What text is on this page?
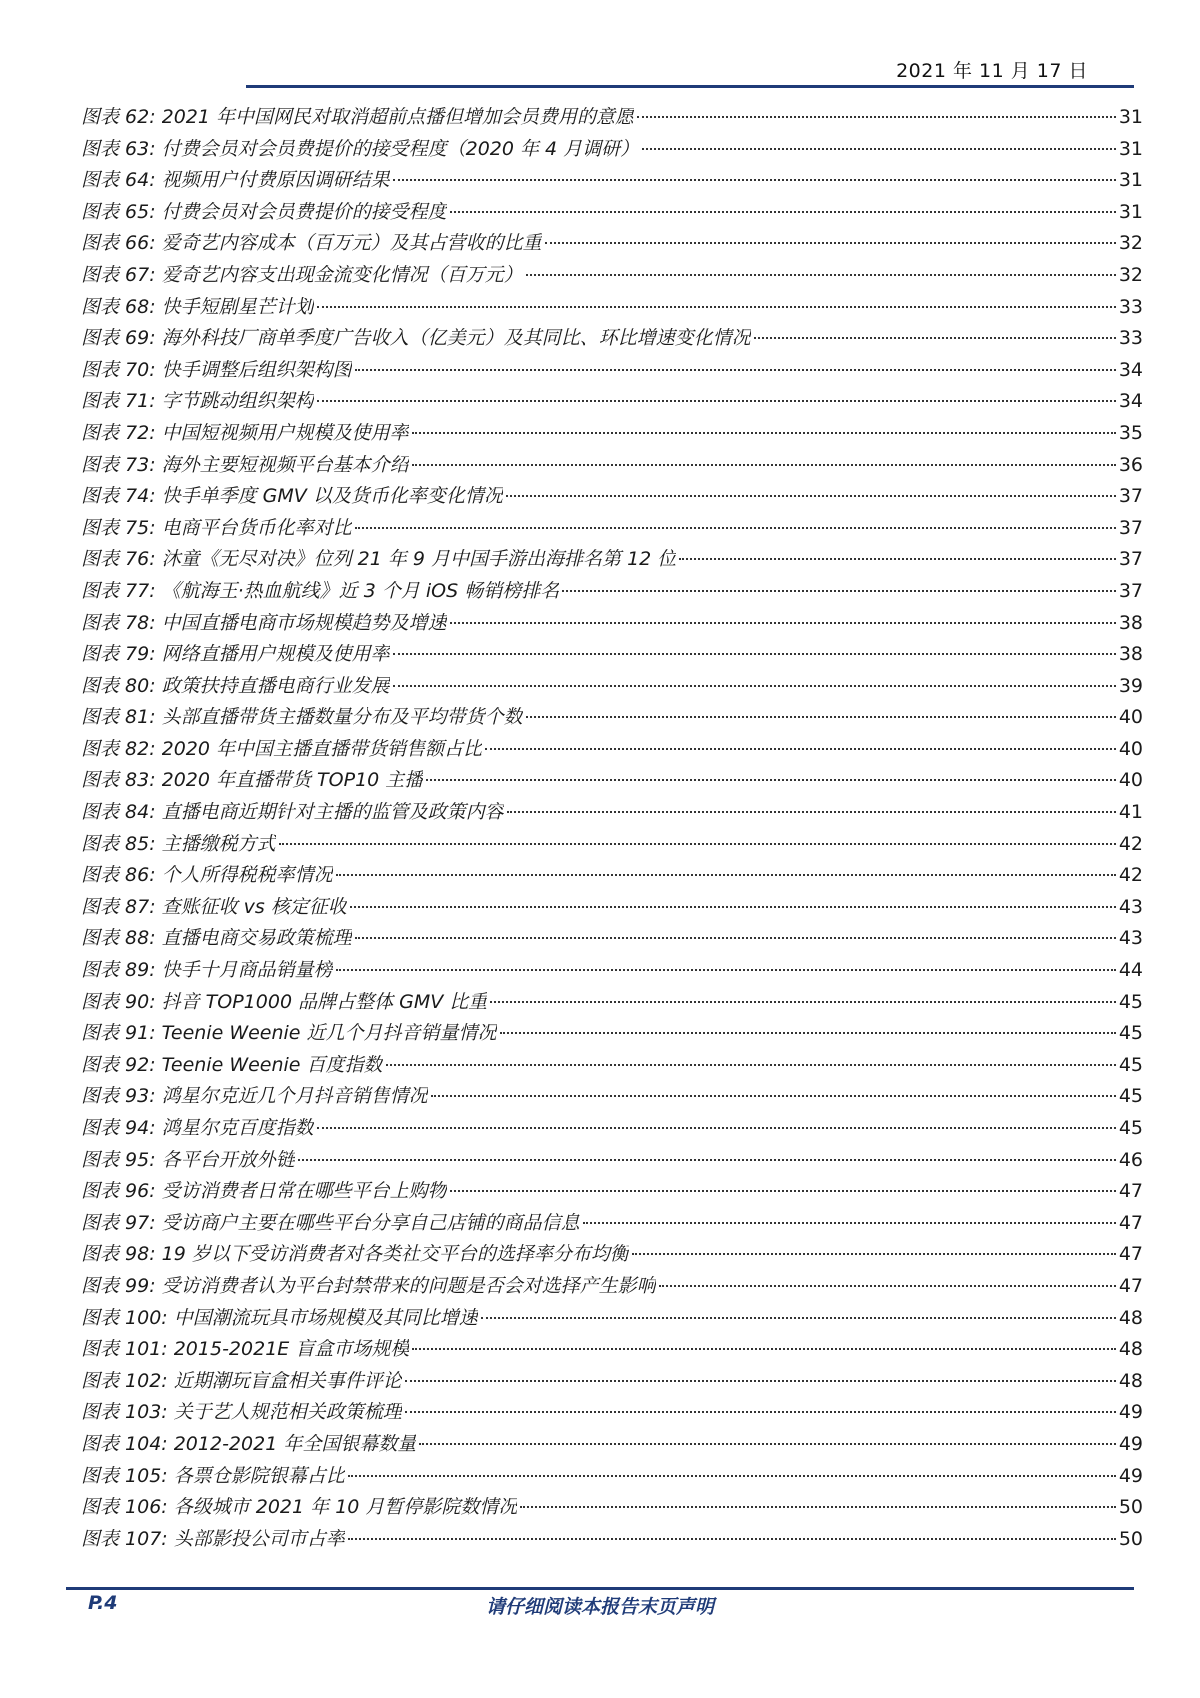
2021 年 11 月 17 日
图表 62: 2021 年中国网民对取消超前点播但增加会员费用的意愿	31
图表 63: 付费会员对会员费提价的接受程度（2020 年 4 月调研）	31
图表 64: 视频用户付费原因调研结果	31
图表 65: 付费会员对会员费提价的接受程度	31
图表 66: 爱奇艺内容成本（百万元）及其占营收的比重	32
图表 67: 爱奇艺内容支出现金流变化情况（百万元）	32
图表 68: 快手短剧星芒计划	33
图表 69: 海外科技厂商单季度广告收入（亿美元）及其同比、环比增速变化情况	33
图表 70: 快手调整后组织架构图	34
图表 71: 字节跳动组织架构	34
图表 72: 中国短视频用户规模及使用率	35
图表 73: 海外主要短视频平台基本介绍	36
图表 74: 快手单季度 GMV 以及货币化率变化情况	37
图表 75: 电商平台货币化率对比	37
图表 76: 沐童《无尽对决》位列 21 年 9 月中国手游出海排名第 12 位	37
图表 77: 《航海王·热血航线》近 3 个月 iOS 畅销榜排名	37
图表 78: 中国直播电商市场规模趋势及增速	38
图表 79: 网络直播用户规模及使用率	38
图表 80: 政策扶持直播电商行业发展	39
图表 81: 头部直播带货主播数量分布及平均带货个数	40
图表 82: 2020 年中国主播直播带货销售额占比	40
图表 83: 2020 年直播带货 TOP10 主播	40
图表 84: 直播电商近期针对主播的监管及政策内容	41
图表 85: 主播缴税方式	42
图表 86: 个人所得税税率情况	42
图表 87: 查账征收 vs 核定征收	43
图表 88: 直播电商交易政策梳理	43
图表 89: 快手十月商品销量榜	44
图表 90: 抖音 TOP1000 品牌占整体 GMV 比重	45
图表 91: Teenie Weenie 近几个月抖音销量情况	45
图表 92: Teenie Weenie 百度指数	45
图表 93: 鸿星尔克近几个月抖音销售情况	45
图表 94: 鸿星尔克百度指数	45
图表 95: 各平台开放外链	46
图表 96: 受访消费者日常在哪些平台上购物	47
图表 97: 受访商户主要在哪些平台分享自己店铺的商品信息	47
图表 98: 19 岁以下受访消费者对各类社交平台的选择率分布均衡	47
图表 99: 受访消费者认为平台封禁带来的问题是否会对选择产生影响	47
图表 100: 中国潮流玩具市场规模及其同比增速	48
图表 101: 2015-2021E 盲盒市场规模	48
图表 102: 近期潮玩盲盒相关事件评论	48
图表 103: 关于艺人规范相关政策梳理	49
图表 104: 2012-2021 年全国银幕数量	49
图表 105: 各票仓影院银幕占比	49
图表 106: 各级城市 2021 年 10 月暂停影院数情况	50
图表 107: 头部影投公司市占率	50
P.4	请仔细阅读本报告末页声明
